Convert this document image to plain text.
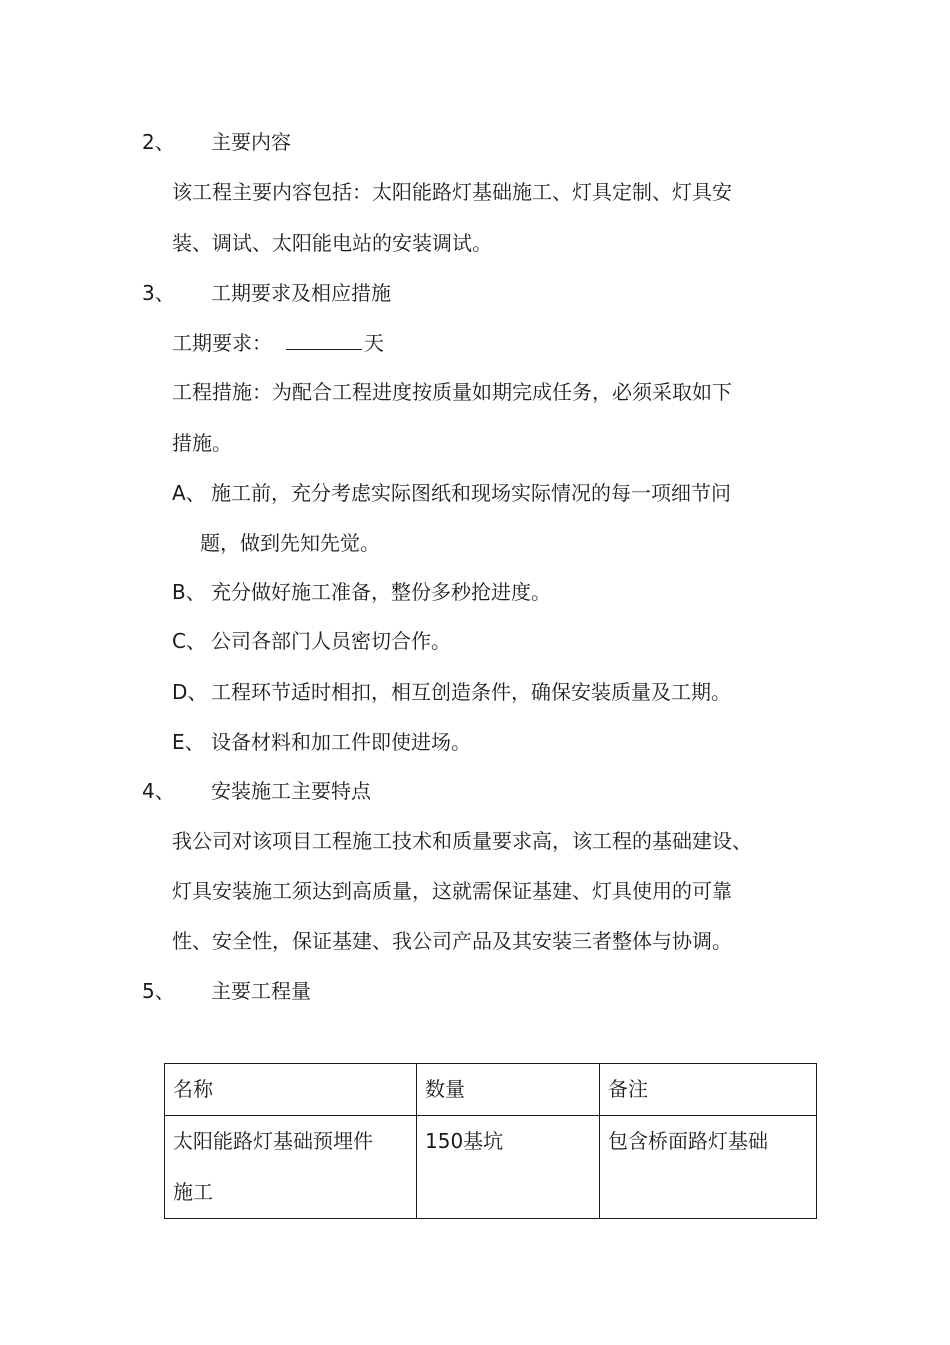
2、 主要内容
该工程主要内容包括：太阳能路灯基础施工、灯具定制、灯具安
装、调试、太阳能电站的安装调试。
3、 工期要求及相应措施
工期要求：	天
工程措施：为配合工程进度按质量如期完成任务，必须采取如下
措施。
A、 施工前，充分考虑实际图纸和现场实际情况的每一项细节问
题，做到先知先觉。
B、 充分做好施工准备，整份多秒抢进度。
C、 公司各部门人员密切合作。
D、 工程环节适时相扣，相互创造条件，确保安装质量及工期。
E、 设备材料和加工件即使进场。
4、 安装施工主要特点
我公司对该项目工程施工技术和质量要求高，该工程的基础建设、
灯具安装施工须达到高质量，这就需保证基建、灯具使用的可靠
性、安全性，保证基建、我公司产品及其安装三者整体与协调。
5、 主要工程量
名称	数量	备注

太阳能路灯基础预埋件
施工	150基坑	包含桥面路灯基础
